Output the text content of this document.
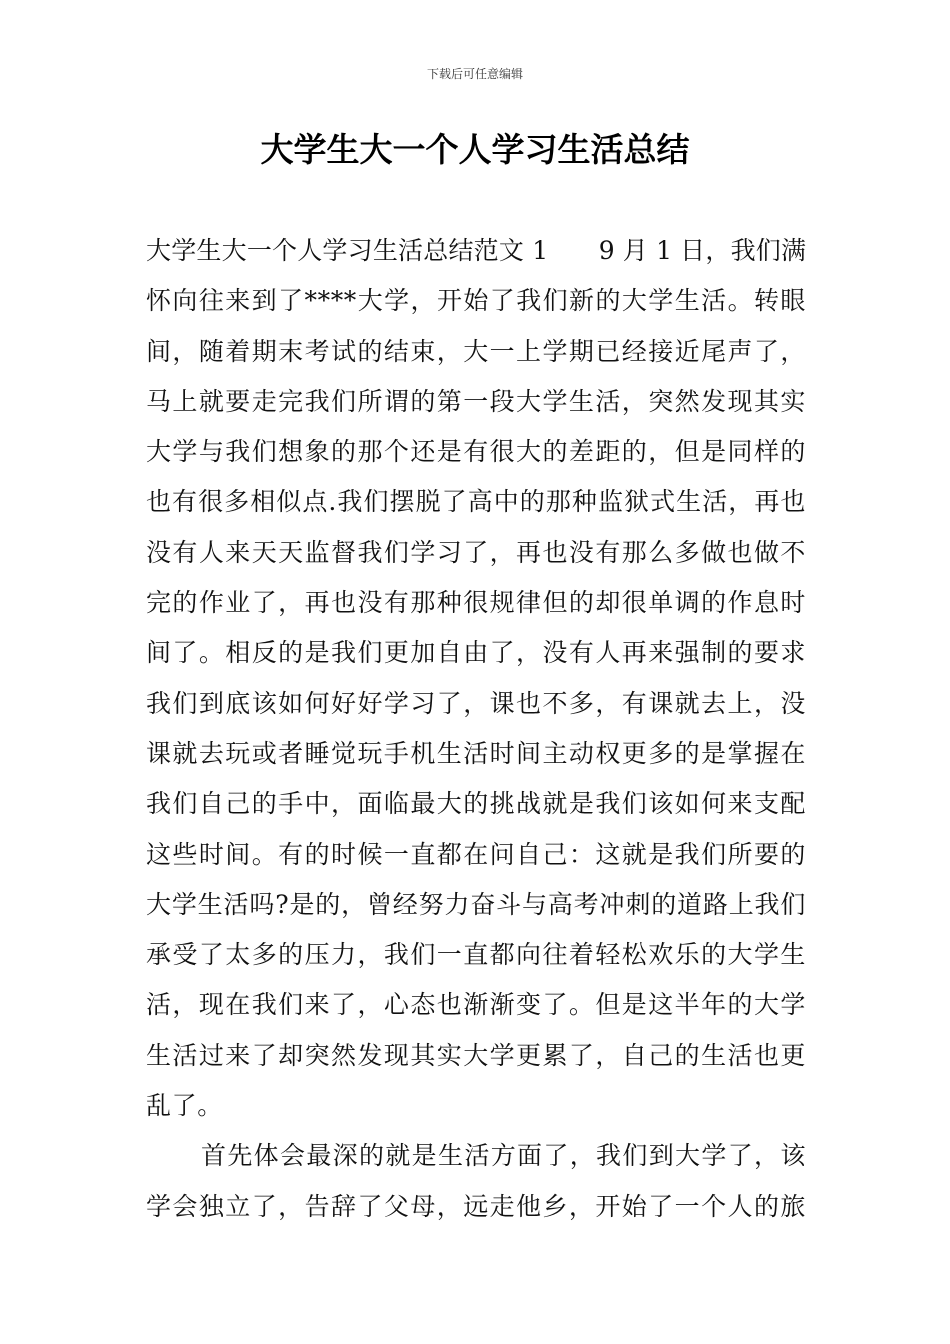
下载后可任意编辑
大学生大一个人学习生活总结
大学生大一个人学习生活总结范文 1　　9 月 1 日，我们满
怀向往来到了****大学，开始了我们新的大学生活。转眼
间，随着期末考试的结束，大一上学期已经接近尾声了，
马上就要走完我们所谓的第一段大学生活，突然发现其实
大学与我们想象的那个还是有很大的差距的，但是同样的
也有很多相似点.我们摆脱了高中的那种监狱式生活，再也
没有人来天天监督我们学习了，再也没有那么多做也做不
完的作业了，再也没有那种很规律但的却很单调的作息时
间了。相反的是我们更加自由了，没有人再来强制的要求
我们到底该如何好好学习了，课也不多，有课就去上，没
课就去玩或者睡觉玩手机生活时间主动权更多的是掌握在
我们自己的手中，面临最大的挑战就是我们该如何来支配
这些时间。有的时候一直都在问自己：这就是我们所要的
大学生活吗?是的，曾经努力奋斗与高考冲刺的道路上我们
承受了太多的压力，我们一直都向往着轻松欢乐的大学生
活，现在我们来了，心态也渐渐变了。但是这半年的大学
生活过来了却突然发现其实大学更累了，自己的生活也更
乱了。
首先体会最深的就是生活方面了，我们到大学了，该
学会独立了，告辞了父母，远走他乡，开始了一个人的旅
